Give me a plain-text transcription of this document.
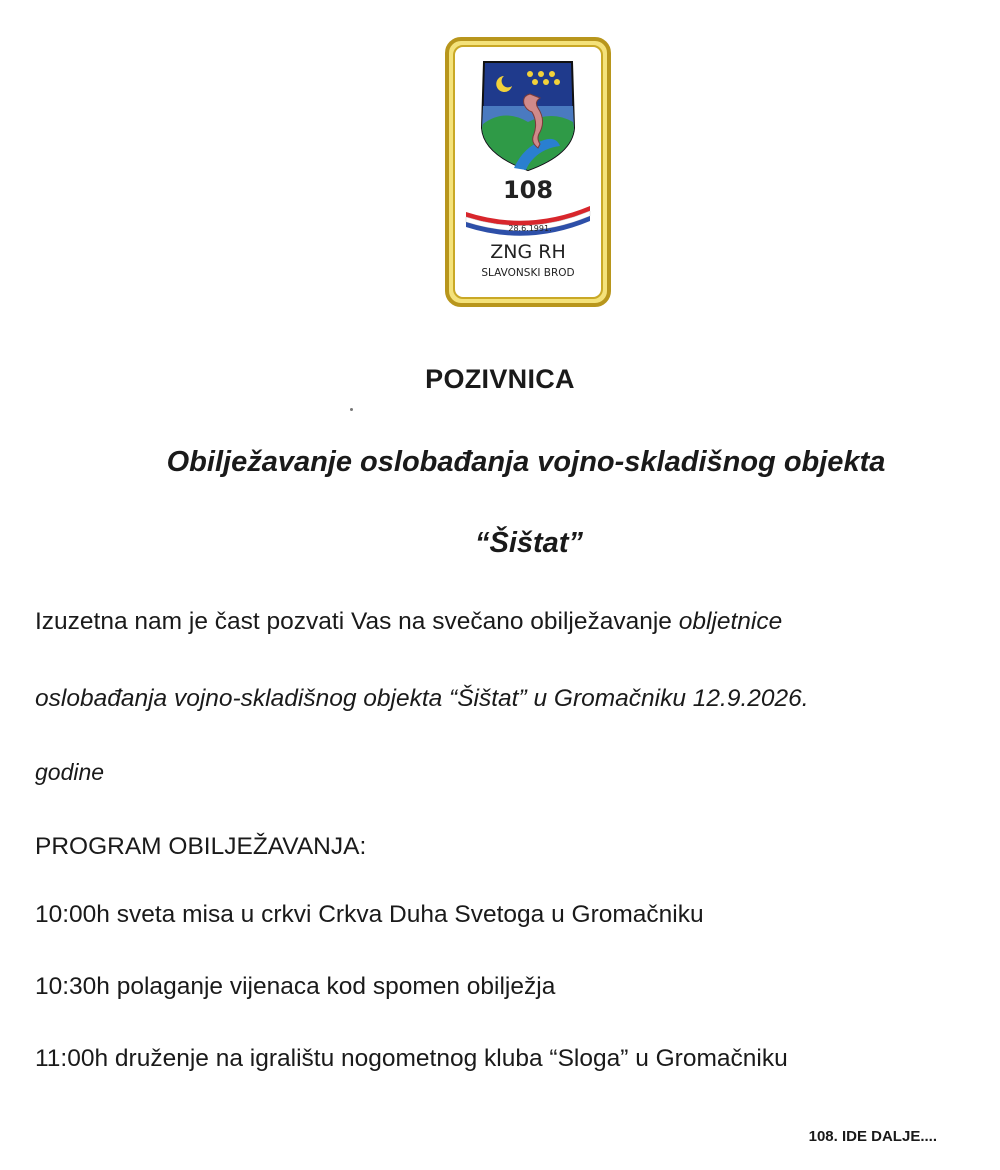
108
28.6.1991.
ZNG RH
SLAVONSKI BROD
POZIVNICA
Obilježavanje oslobađanja vojno-skladišnog objekta
“Šištat”
Izuzetna nam je čast pozvati Vas na svečano obilježavanje obljetnice
oslobađanja vojno-skladišnog objekta “Šištat” u Gromačniku 12.9.2026.
godine
PROGRAM OBILJEŽAVANJA:
10:00h sveta misa u crkvi Crkva Duha Svetoga u Gromačniku
10:30h polaganje vijenaca kod spomen obilježja
11:00h druženje na igralištu nogometnog kluba “Sloga” u Gromačniku
108. IDE DALJE....
